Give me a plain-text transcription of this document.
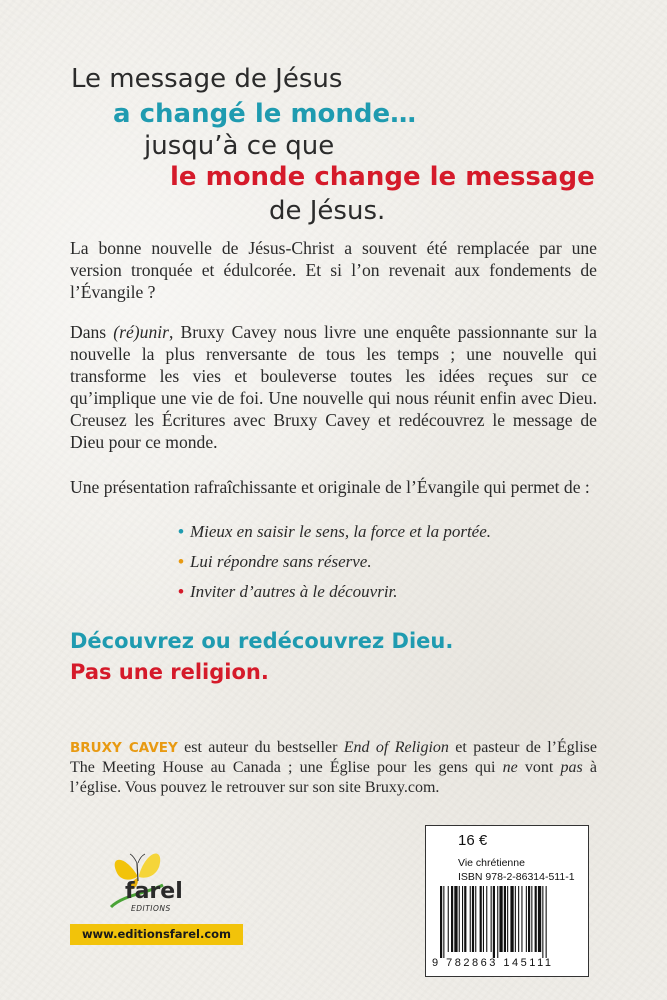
Le message de Jésus
a changé le monde…
jusqu’à ce que
le monde change le message
de Jésus.

La bonne nouvelle de Jésus-Christ a souvent été remplacée par une version tronquée et édulcorée. Et si l’on revenait aux fondements de l’Évangile ?

Dans (ré)unir, Bruxy Cavey nous livre une enquête passionnante sur la nouvelle la plus renversante de tous les temps ; une nouvelle qui transforme les vies et bouleverse toutes les idées reçues sur ce qu’implique une vie de foi. Une nouvelle qui nous réunit enfin avec Dieu. Creusez les Écritures avec Bruxy Cavey et redécouvrez le message de Dieu pour ce monde.

Une présentation rafraîchissante et originale de l’Évangile qui permet de :

• Mieux en saisir le sens, la force et la portée.
• Lui répondre sans réserve.
• Inviter d’autres à le découvrir.
Découvrez ou redécouvrez Dieu.
Pas une religion.
BRUXY CAVEY est auteur du bestseller End of Religion et pasteur de l’Église The Meeting House au Canada ; une Église pour les gens qui ne vont pas à l’église. Vous pouvez le retrouver sur son site Bruxy.com.
farel
EDITIONS
www.editionsfarel.com
16 €
Vie chrétienne
ISBN 978-2-86314-511-1
9 782863 145111
